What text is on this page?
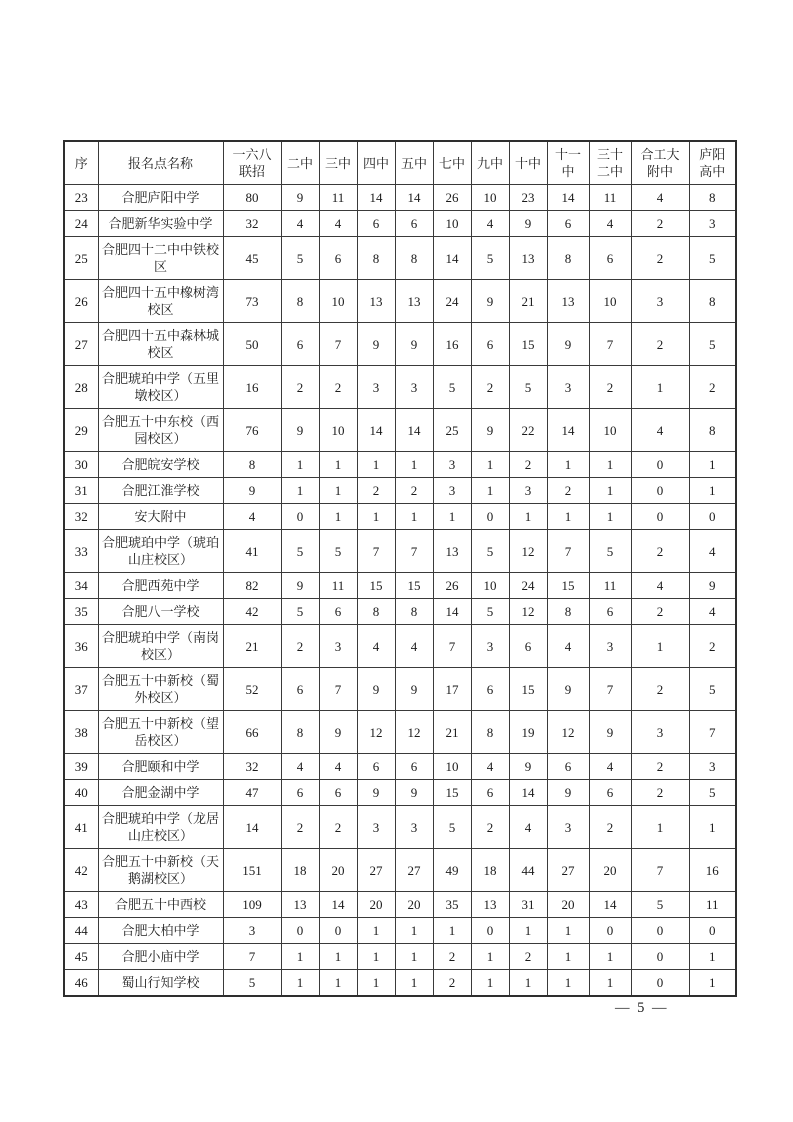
序	报名点名称	一六八联招	二中	三中	四中	五中	七中	九中	十中	十一中	三十二中	合工大附中	庐阳高中
23	合肥庐阳中学	80	9	11	14	14	26	10	23	14	11	4	8
24	合肥新华实验中学	32	4	4	6	6	10	4	9	6	4	2	3
25	合肥四十二中中铁校区	45	5	6	8	8	14	5	13	8	6	2	5
26	合肥四十五中橡树湾校区	73	8	10	13	13	24	9	21	13	10	3	8
27	合肥四十五中森林城校区	50	6	7	9	9	16	6	15	9	7	2	5
28	合肥琥珀中学（五里墩校区）	16	2	2	3	3	5	2	5	3	2	1	2
29	合肥五十中东校（西园校区）	76	9	10	14	14	25	9	22	14	10	4	8
30	合肥皖安学校	8	1	1	1	1	3	1	2	1	1	0	1
31	合肥江淮学校	9	1	1	2	2	3	1	3	2	1	0	1
32	安大附中	4	0	1	1	1	1	0	1	1	1	0	0
33	合肥琥珀中学（琥珀山庄校区）	41	5	5	7	7	13	5	12	7	5	2	4
34	合肥西苑中学	82	9	11	15	15	26	10	24	15	11	4	9
35	合肥八一学校	42	5	6	8	8	14	5	12	8	6	2	4
36	合肥琥珀中学（南岗校区）	21	2	3	4	4	7	3	6	4	3	1	2
37	合肥五十中新校（蜀外校区）	52	6	7	9	9	17	6	15	9	7	2	5
38	合肥五十中新校（望岳校区）	66	8	9	12	12	21	8	19	12	9	3	7
39	合肥颐和中学	32	4	4	6	6	10	4	9	6	4	2	3
40	合肥金湖中学	47	6	6	9	9	15	6	14	9	6	2	5
41	合肥琥珀中学（龙居山庄校区）	14	2	2	3	3	5	2	4	3	2	1	1
42	合肥五十中新校（天鹅湖校区）	151	18	20	27	27	49	18	44	27	20	7	16
43	合肥五十中西校	109	13	14	20	20	35	13	31	20	14	5	11
44	合肥大柏中学	3	0	0	1	1	1	0	1	1	0	0	0
45	合肥小庙中学	7	1	1	1	1	2	1	2	1	1	0	1
46	蜀山行知学校	5	1	1	1	1	2	1	1	1	1	0	1
— 5 —
